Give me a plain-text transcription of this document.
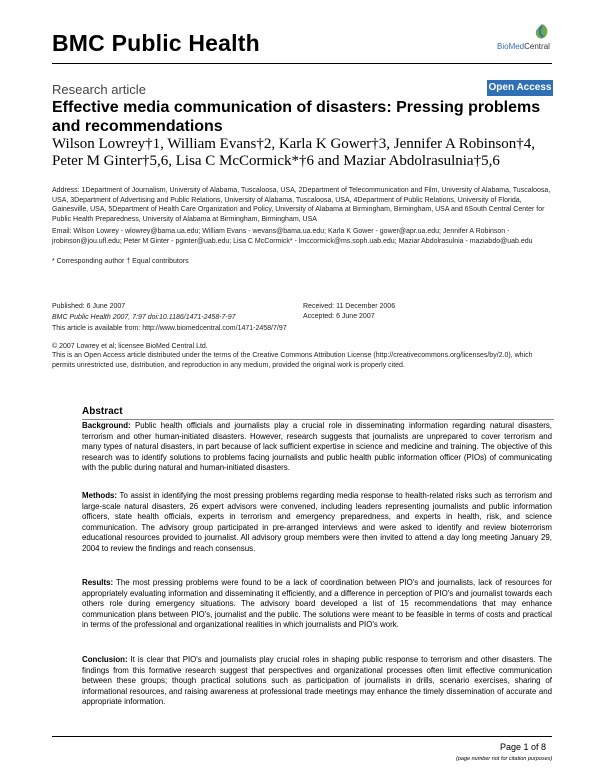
BMC Public Health	BioMedCentral
Research article	Open Access
Effective media communication of disasters: Pressing problems and recommendations
Wilson Lowrey†1, William Evans†2, Karla K Gower†3, Jennifer A Robinson†4, Peter M Ginter†5,6, Lisa C McCormick*†6 and Maziar Abdolrasulnia†5,6
Address: 1Department of Journalism, University of Alabama, Tuscaloosa, USA, 2Department of Telecommunication and Film, University of Alabama, Tuscaloosa, USA, 3Department of Advertising and Public Relations, University of Alabama, Tuscaloosa, USA, 4Department of Public Relations, University of Florida, Gainesville, USA, 5Department of Health Care Organization and Policy, University of Alabama at Birmingham, Birmingham, USA and 6South Central Center for Public Health Preparedness, University of Alabama at Birmingham, Birmingham, USA
Email: Wilson Lowrey - wlowrey@bama.ua.edu; William Evans - wevans@bama.ua.edu; Karla K Gower - gower@apr.ua.edu; Jennifer A Robinson - jrobinson@jou.ufl.edu; Peter M Ginter - pginter@uab.edu; Lisa C McCormick* - lmccormick@ms.soph.uab.edu; Maziar Abdolrasulnia - maziabdo@uab.edu
* Corresponding author † Equal contributors
Published: 6 June 2007	Received: 11 December 2006
Accepted: 6 June 2007
BMC Public Health 2007, 7:97 doi:10.1186/1471-2458-7-97
This article is available from: http://www.biomedcentral.com/1471-2458/7/97
© 2007 Lowrey et al; licensee BioMed Central Ltd.
This is an Open Access article distributed under the terms of the Creative Commons Attribution License (http://creativecommons.org/licenses/by/2.0), which permits unrestricted use, distribution, and reproduction in any medium, provided the original work is properly cited.
Abstract
Background: Public health officials and journalists play a crucial role in disseminating information regarding natural disasters, terrorism and other human-initiated disasters. However, research suggests that journalists are unprepared to cover terrorism and many types of natural disasters, in part because of lack sufficient expertise in science and medicine and training. The objective of this research was to identify solutions to problems facing journalists and public health public information officer (PIOs) of communicating with the public during natural and human-initiated disasters.
Methods: To assist in identifying the most pressing problems regarding media response to health-related risks such as terrorism and large-scale natural disasters, 26 expert advisors were convened, including leaders representing journalists and public information officers, state health officials, experts in terrorism and emergency preparedness, and experts in health, risk, and science communication. The advisory group participated in pre-arranged interviews and were asked to identify and review bioterrorism educational resources provided to journalist. All advisory group members were then invited to attend a day long meeting January 29, 2004 to review the findings and reach consensus.
Results: The most pressing problems were found to be a lack of coordination between PIO's and journalists, lack of resources for appropriately evaluating information and disseminating it efficiently, and a difference in perception of PIO's and journalist towards each others role during emergency situations. The advisory board developed a list of 15 recommendations that may enhance communication plans between PIO's, journalist and the public. The solutions were meant to be feasible in terms of costs and practical in terms of the professional and organizational realities in which journalists and PIO's work.
Conclusion: It is clear that PIO's and journalists play crucial roles in shaping public response to terrorism and other disasters. The findings from this formative research suggest that perspectives and organizational processes often limit effective communication between these groups; though practical solutions such as participation of journalists in drills, scenario exercises, sharing of informational resources, and raising awareness at professional trade meetings may enhance the timely dissemination of accurate and appropriate information.
Page 1 of 8
(page number not for citation purposes)
